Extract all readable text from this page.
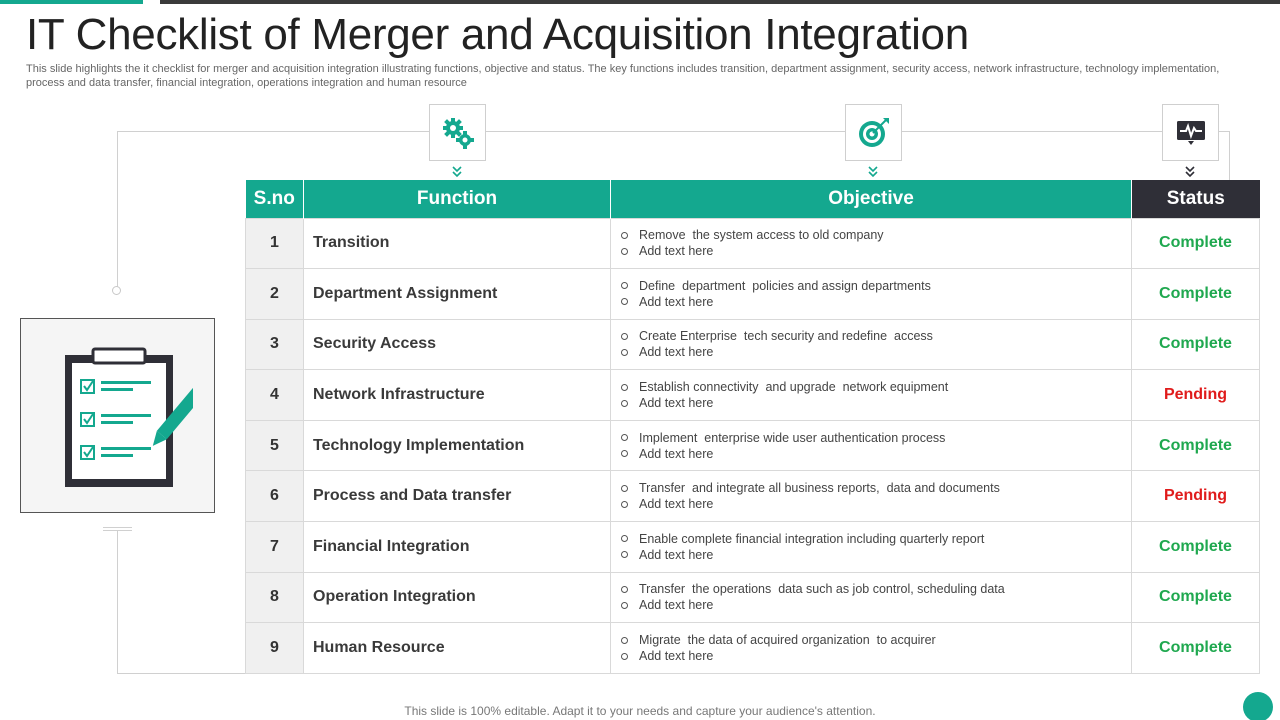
IT Checklist of Merger and Acquisition Integration

This slide highlights the it checklist for merger and acquisition integration illustrating functions, objective and status. The key functions includes transition, department assignment, security access, network infrastructure, technology implementation, process and data transfer, financial integration, operations integration and human resource

S.no	Function	Objective	Status
1	Transition	Remove  the system access to old company
Add text here	Complete
2	Department Assignment	Define  department  policies and assign departments
Add text here	Complete
3	Security Access	Create Enterprise  tech security and redefine  access
Add text here	Complete
4	Network Infrastructure	Establish connectivity  and upgrade  network equipment
Add text here	Pending
5	Technology Implementation	Implement  enterprise wide user authentication process
Add text here	Complete
6	Process and Data transfer	Transfer  and integrate all business reports,  data and documents
Add text here	Pending
7	Financial Integration	Enable complete financial integration including quarterly report
Add text here	Complete
8	Operation Integration	Transfer  the operations  data such as job control, scheduling data
Add text here	Complete
9	Human Resource	Migrate  the data of acquired organization  to acquirer
Add text here	Complete

This slide is 100% editable. Adapt it to your needs and capture your audience's attention.
